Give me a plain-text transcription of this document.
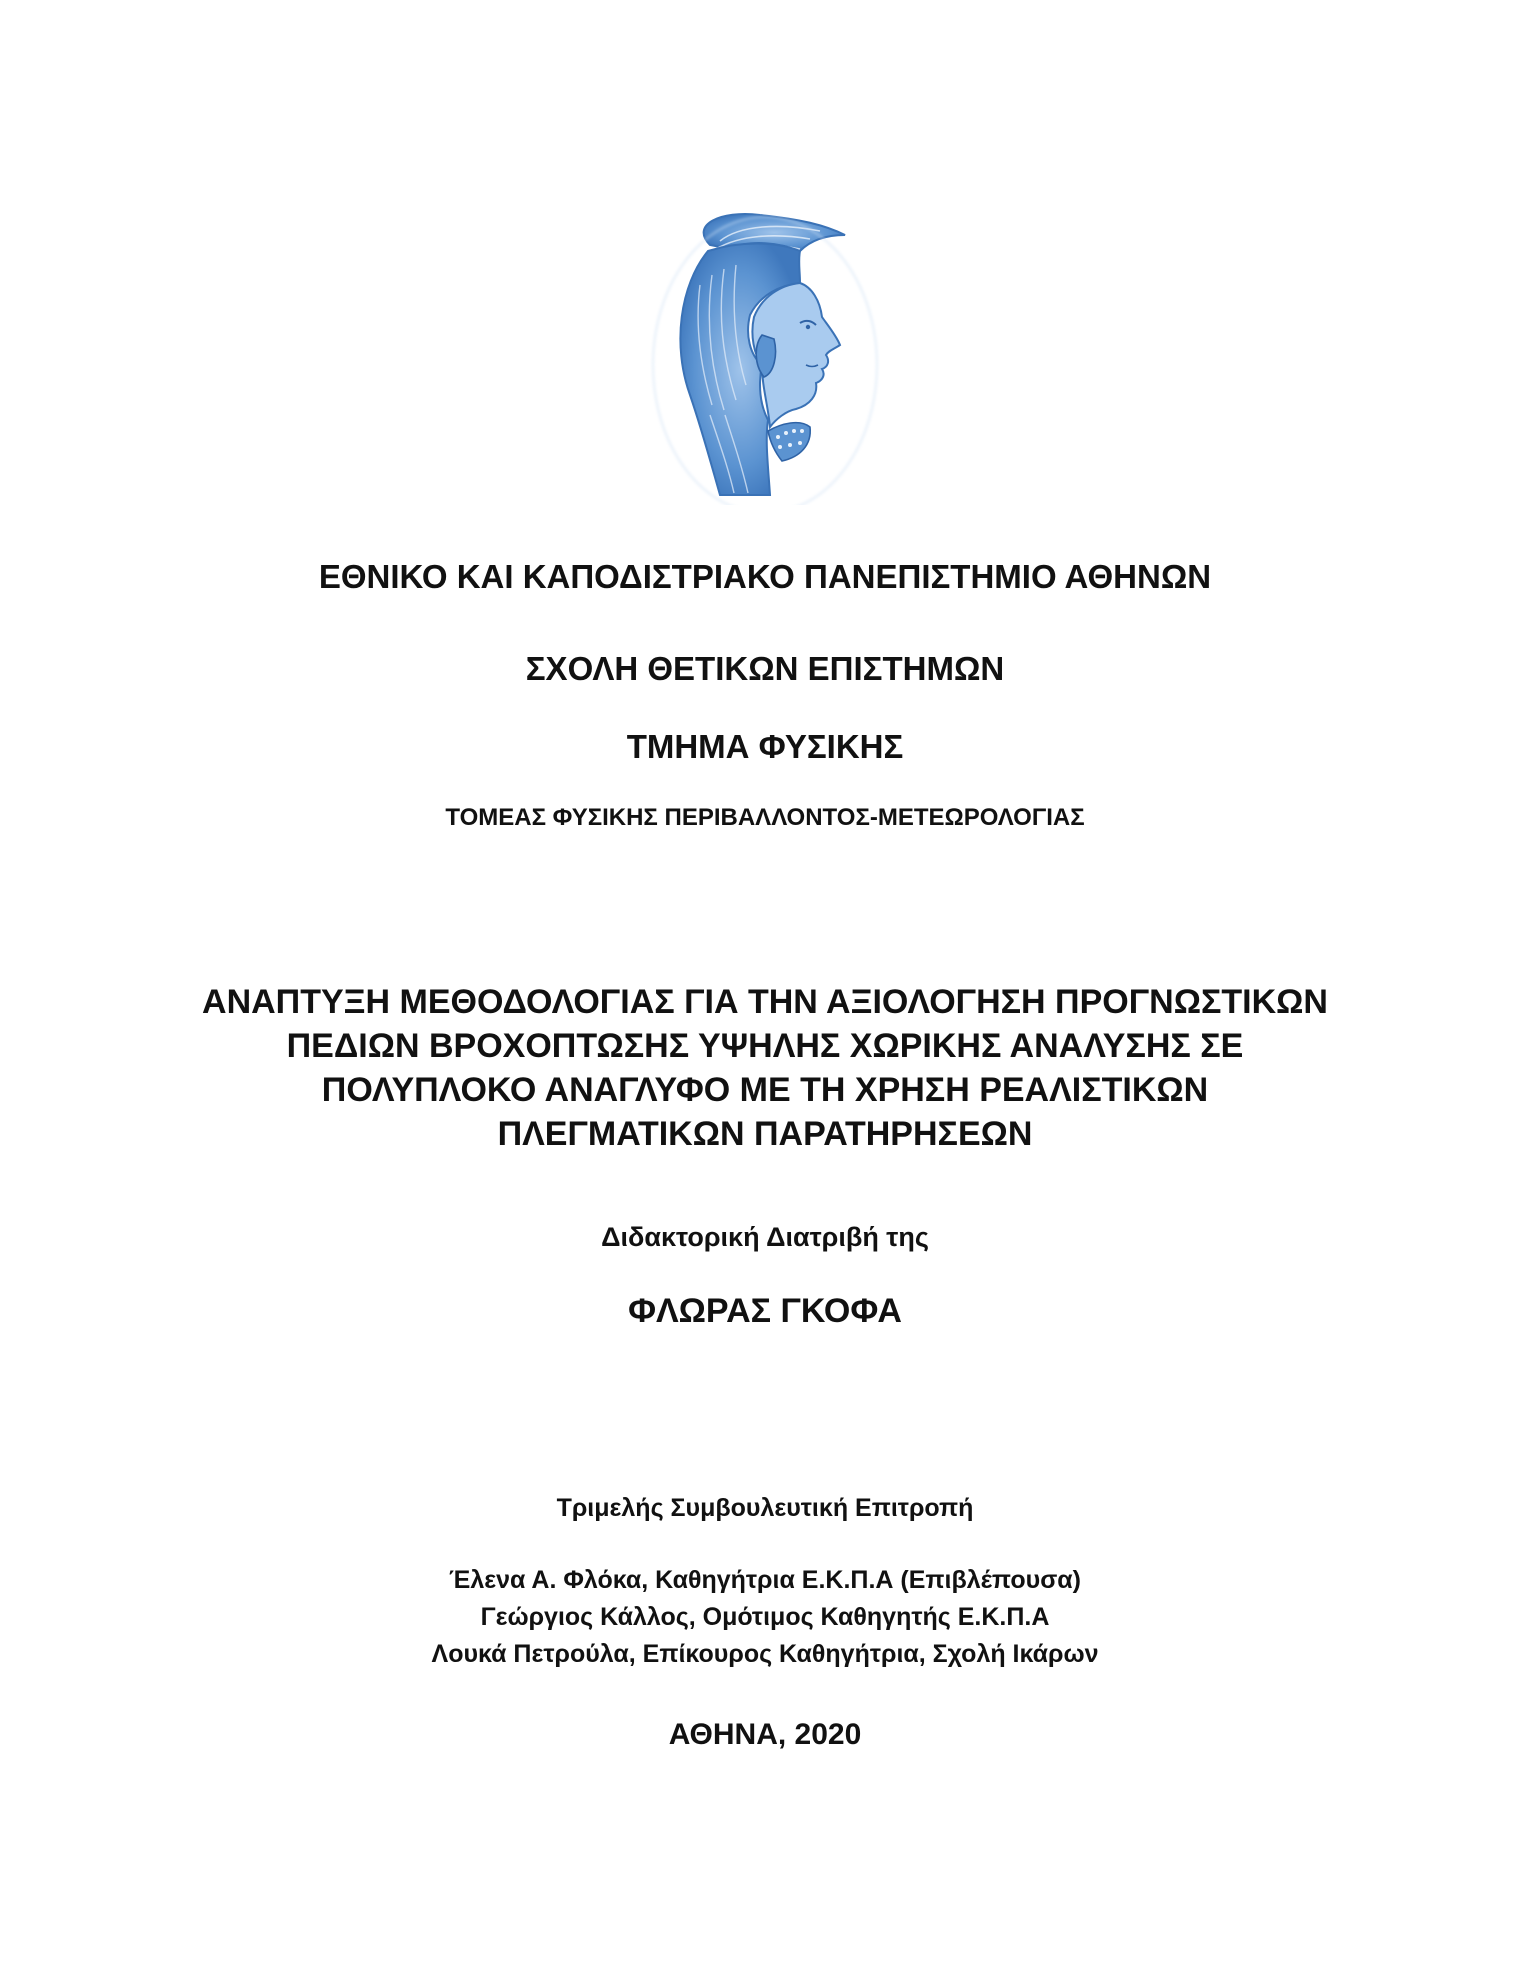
ΕΘΝΙΚΟ ΚΑΙ ΚΑΠΟΔΙΣΤΡΙΑΚΟ ΠΑΝΕΠΙΣΤΗΜΙΟ ΑΘΗΝΩΝ
ΣΧΟΛΗ ΘΕΤΙΚΩΝ ΕΠΙΣΤΗΜΩΝ
ΤΜΗΜΑ ΦΥΣΙΚΗΣ
ΤΟΜΕΑΣ ΦΥΣΙΚΗΣ ΠΕΡΙΒΑΛΛΟΝΤΟΣ-ΜΕΤΕΩΡΟΛΟΓΙΑΣ
ΑΝΑΠΤΥΞΗ ΜΕΘΟΔΟΛΟΓΙΑΣ ΓΙΑ ΤΗΝ ΑΞΙΟΛΟΓΗΣΗ ΠΡΟΓΝΩΣΤΙΚΩΝ
ΠΕΔΙΩΝ ΒΡΟΧΟΠΤΩΣΗΣ ΥΨΗΛΗΣ ΧΩΡΙΚΗΣ ΑΝΑΛΥΣΗΣ ΣΕ
ΠΟΛΥΠΛΟΚΟ ΑΝΑΓΛΥΦΟ ΜΕ ΤΗ ΧΡΗΣΗ ΡΕΑΛΙΣΤΙΚΩΝ
ΠΛΕΓΜΑΤΙΚΩΝ ΠΑΡΑΤΗΡΗΣΕΩΝ
Διδακτορική Διατριβή της
ΦΛΩΡΑΣ ΓΚΟΦΑ
Τριμελής Συμβουλευτική Επιτροπή
Έλενα Α. Φλόκα, Καθηγήτρια Ε.Κ.Π.Α (Επιβλέπουσα)
Γεώργιος Κάλλος, Ομότιμος Καθηγητής Ε.Κ.Π.Α
Λουκά Πετρούλα, Επίκουρος Καθηγήτρια, Σχολή Ικάρων
ΑΘΗΝΑ, 2020
